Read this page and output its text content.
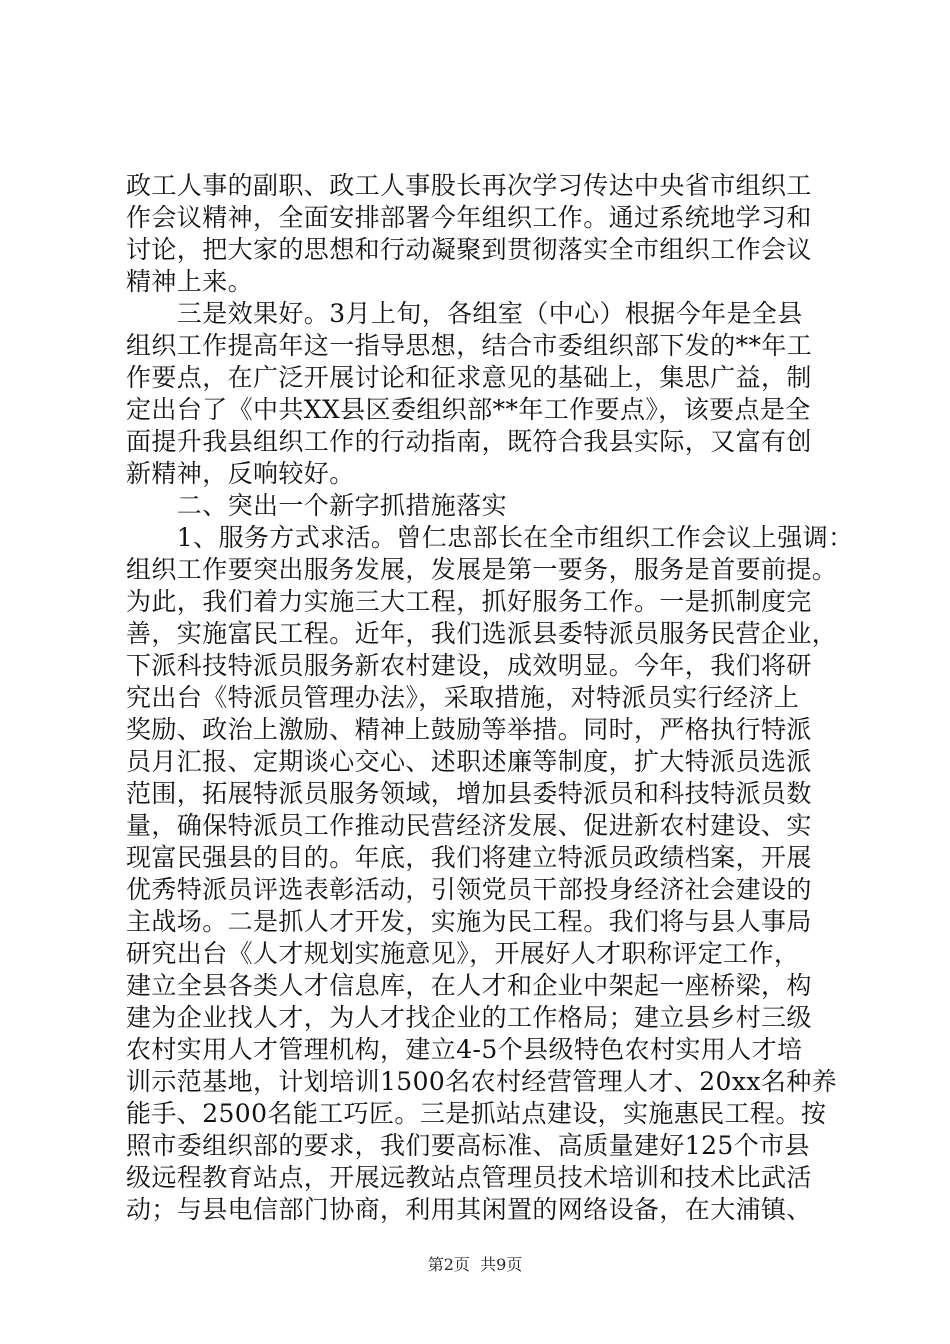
政工人事的副职、政工人事股长再次学习传达中央省市组织工
作会议精神，全面安排部署今年组织工作。通过系统地学习和
讨论，把大家的思想和行动凝聚到贯彻落实全市组织工作会议
精神上来。
　　三是效果好。3月上旬，各组室（中心）根据今年是全县
组织工作提高年这一指导思想，结合市委组织部下发的**年工
作要点，在广泛开展讨论和征求意见的基础上，集思广益，制
定出台了《中共XX县区委组织部**年工作要点》，该要点是全
面提升我县组织工作的行动指南，既符合我县实际，又富有创
新精神，反响较好。
　　二、突出一个新字抓措施落实
　　1、服务方式求活。曾仁忠部长在全市组织工作会议上强调：
组织工作要突出服务发展，发展是第一要务，服务是首要前提。
为此，我们着力实施三大工程，抓好服务工作。一是抓制度完
善，实施富民工程。近年，我们选派县委特派员服务民营企业，
下派科技特派员服务新农村建设，成效明显。今年，我们将研
究出台《特派员管理办法》，采取措施，对特派员实行经济上
奖励、政治上激励、精神上鼓励等举措。同时，严格执行特派
员月汇报、定期谈心交心、述职述廉等制度，扩大特派员选派
范围，拓展特派员服务领域，增加县委特派员和科技特派员数
量，确保特派员工作推动民营经济发展、促进新农村建设、实
现富民强县的目的。年底，我们将建立特派员政绩档案，开展
优秀特派员评选表彰活动，引领党员干部投身经济社会建设的
主战场。二是抓人才开发，实施为民工程。我们将与县人事局
研究出台《人才规划实施意见》，开展好人才职称评定工作，
建立全县各类人才信息库，在人才和企业中架起一座桥梁，构
建为企业找人才，为人才找企业的工作格局；建立县乡村三级
农村实用人才管理机构，建立4-5个县级特色农村实用人才培
训示范基地，计划培训1500名农村经营管理人才、20xx名种养
能手、2500名能工巧匠。三是抓站点建设，实施惠民工程。按
照市委组织部的要求，我们要高标准、高质量建好125个市县
级远程教育站点，开展远教站点管理员技术培训和技术比武活
动；与县电信部门协商，利用其闲置的网络设备，在大浦镇、
第2页  共9页
